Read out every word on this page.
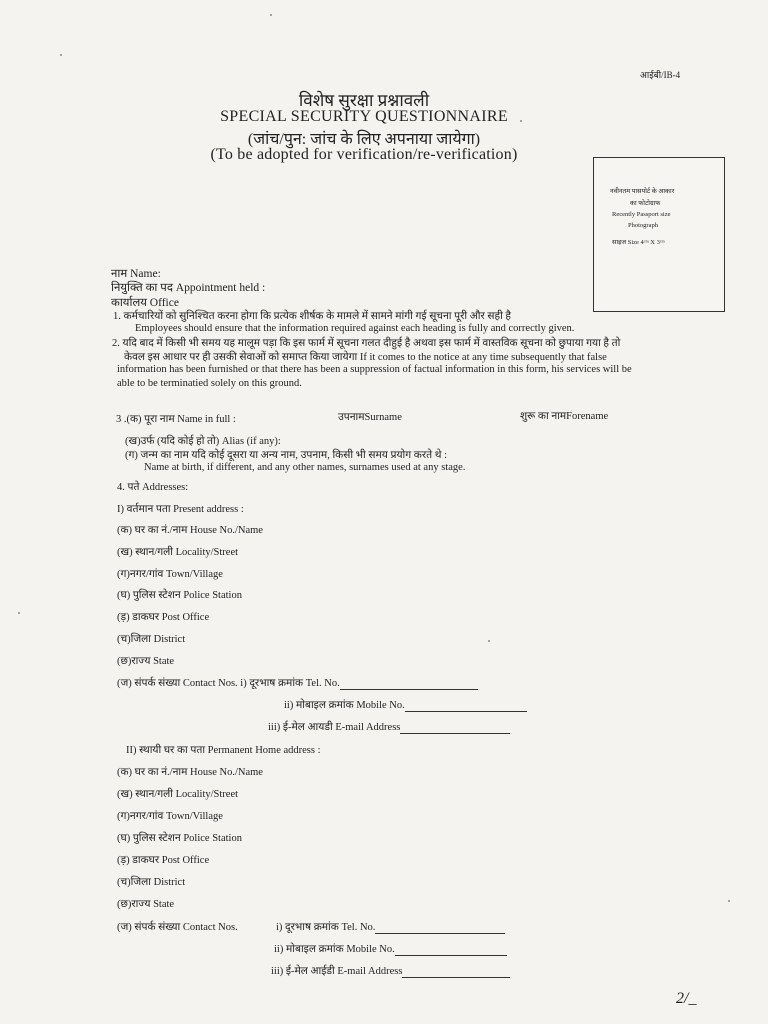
आईबी/IB-4
विशेष सुरक्षा प्रश्नावली
SPECIAL SECURITY QUESTIONNAIRE
(जांच/पुन: जांच के लिए अपनाया जायेगा)
(To be adopted for verification/re-verification)
नवीनतम पासपोर्ट के आकार
का फोटोग्राफ
Recently Passport size
Photograph
साइज Size 4ᶜᵐ X 3ᶜᵐ
नाम Name:
नियुक्ति का पद Appointment held :
कार्यालय Office
1. कर्मचारियों को सुनिश्चित करना होगा कि प्रत्येक शीर्षक के मामले में सामने मांगी गई सूचना पूरी और सही है
Employees should ensure that the information required against each heading is fully and correctly given.
2. यदि बाद में किसी भी समय यह मालूम पड़ा कि इस फार्म में सूचना गलत दीहुई है अथवा इस फार्म में वास्तविक सूचना को छुपाया गया है तो
केवल इस आधार पर ही उसकी सेवाओं को समाप्त किया जायेगा If it comes to the notice at any time subsequently that false
information has been furnished or that there has been a suppression of factual information in this form, his services will be
able to be terminatied solely on this ground.
3 .(क) पूरा नाम Name in full :	उपनामSurname	शुरू का नामForename
(ख)उर्फ (यदि कोई हो तो) Alias (if any):
(ग) जन्म का नाम यदि कोई दूसरा या अन्य नाम, उपनाम, किसी भी समय प्रयोग करते थे :
Name at birth, if different, and any other names, surnames used at any stage.
4. पते Addresses:
I) वर्तमान पता Present address :
(क) घर का नं./नाम House No./Name
(ख) स्थान/गली Locality/Street
(ग)नगर/गांव Town/Village
(घ) पुलिस स्टेशन Police Station
(ड़) डाकघर Post Office
(च)जिला District
(छ)राज्य State
(ज) संपर्क संख्या Contact Nos. i) दूरभाष क्रमांक Tel. No.
ii) मोबाइल क्रमांक Mobile No.
iii) ई-मेल आयडी E-mail Address
II) स्थायी घर का पता Permanent Home address :
(क) घर का नं./नाम House No./Name
(ख) स्थान/गली Locality/Street
(ग)नगर/गांव Town/Village
(घ) पुलिस स्टेशन Police Station
(ड़) डाकघर Post Office
(च)जिला District
(छ)राज्य State
(ज) संपर्क संख्या Contact Nos.	i) दूरभाष क्रमांक Tel. No.
ii) मोबाइल क्रमांक Mobile No.
iii) ई-मेल आईडी E-mail Address
2/_
